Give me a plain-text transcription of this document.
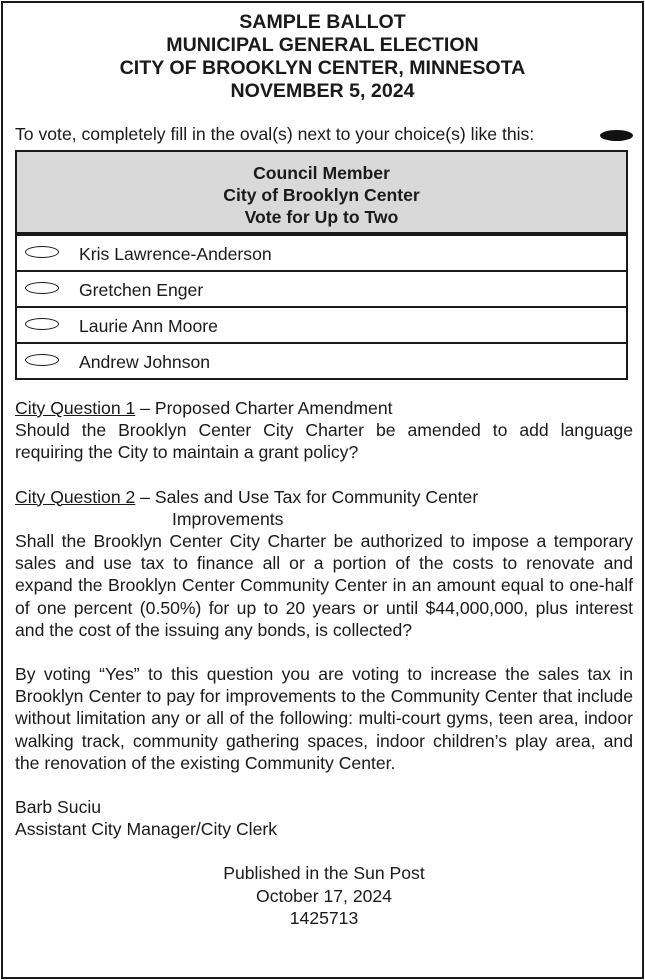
SAMPLE BALLOT
MUNICIPAL GENERAL ELECTION
CITY OF BROOKLYN CENTER, MINNESOTA
NOVEMBER 5, 2024
To vote, completely fill in the oval(s) next to your choice(s) like this:
Council Member
City of Brooklyn Center
Vote for Up to Two
Kris Lawrence-Anderson
Gretchen Enger
Laurie Ann Moore
Andrew Johnson

City Question 1 – Proposed Charter Amendment

Should the Brooklyn Center City Charter be amended to add language requiring the City to maintain a grant policy?

City Question 2 – Sales and Use Tax for Community Center

Improvements

Shall the Brooklyn Center City Charter be authorized to impose a temporary sales and use tax to finance all or a portion of the costs to renovate and expand the Brooklyn Center Community Center in an amount equal to one-half of one percent (0.50%) for up to 20 years or until $44,000,000, plus interest and the cost of the issuing any bonds, is collected?

By voting “Yes” to this question you are voting to increase the sales tax in Brooklyn Center to pay for improvements to the Community Center that include without limitation any or all of the following: multi-court gyms, teen area, indoor walking track, community gathering spaces, indoor children’s play area, and the renovation of the existing Community Center.

Barb Suciu

Assistant City Manager/City Clerk

Published in the Sun Post
October 17, 2024
1425713
